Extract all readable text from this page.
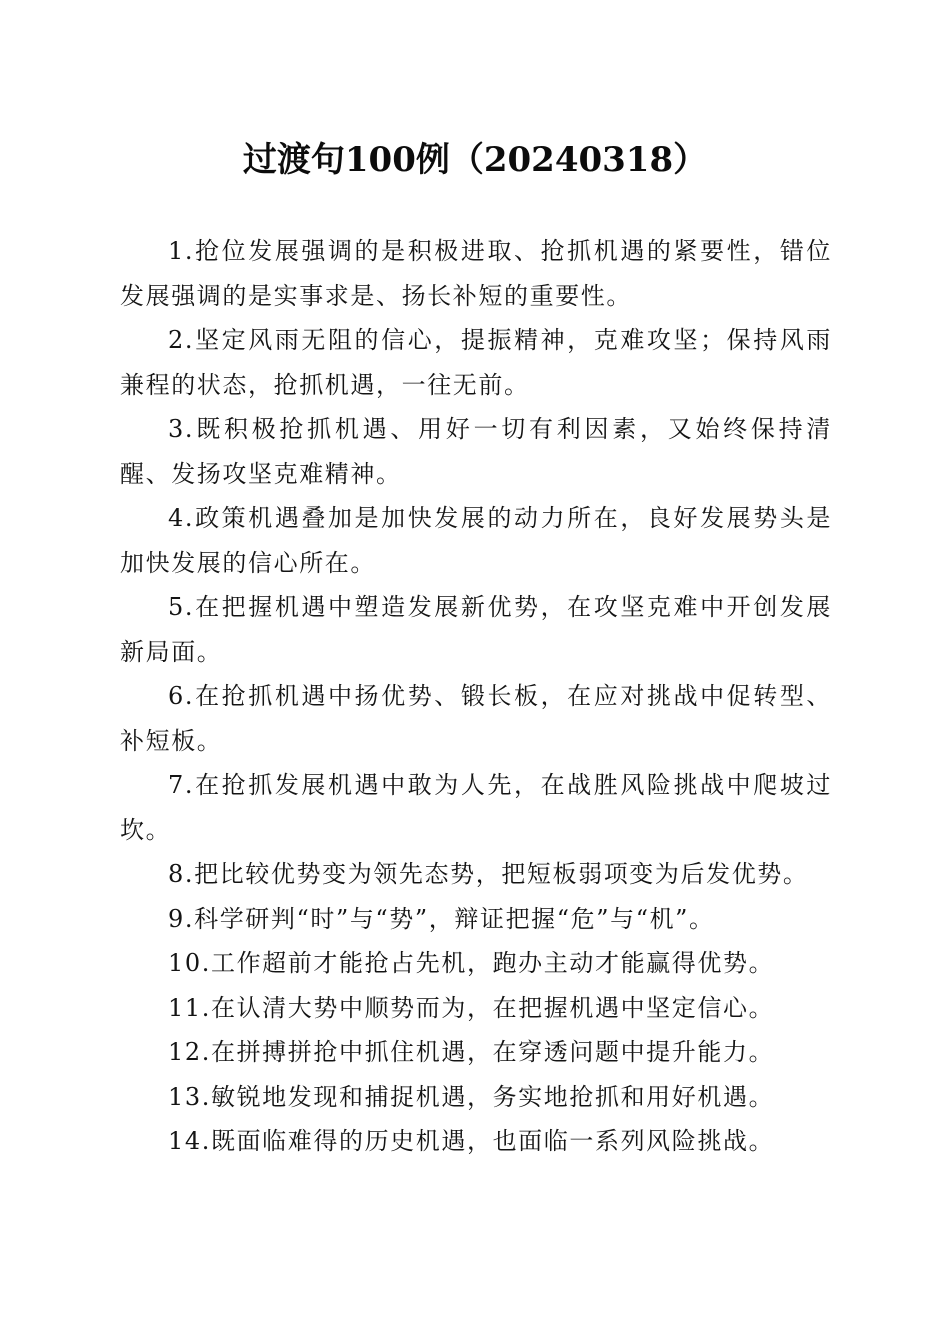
过渡句100例（20240318）

1.抢位发展强调的是积极进取、抢抓机遇的紧要性，错位发展强调的是实事求是、扬长补短的重要性。

2.坚定风雨无阻的信心，提振精神，克难攻坚；保持风雨兼程的状态，抢抓机遇，一往无前。

3.既积极抢抓机遇、用好一切有利因素，又始终保持清醒、发扬攻坚克难精神。

4.政策机遇叠加是加快发展的动力所在，良好发展势头是加快发展的信心所在。

5.在把握机遇中塑造发展新优势，在攻坚克难中开创发展新局面。

6.在抢抓机遇中扬优势、锻长板，在应对挑战中促转型、补短板。

7.在抢抓发展机遇中敢为人先，在战胜风险挑战中爬坡过坎。

8.把比较优势变为领先态势，把短板弱项变为后发优势。

9.科学研判“时”与“势”，辩证把握“危”与“机”。

10.工作超前才能抢占先机，跑办主动才能赢得优势。

11.在认清大势中顺势而为，在把握机遇中坚定信心。

12.在拼搏拼抢中抓住机遇，在穿透问题中提升能力。

13.敏锐地发现和捕捉机遇，务实地抢抓和用好机遇。

14.既面临难得的历史机遇，也面临一系列风险挑战。
